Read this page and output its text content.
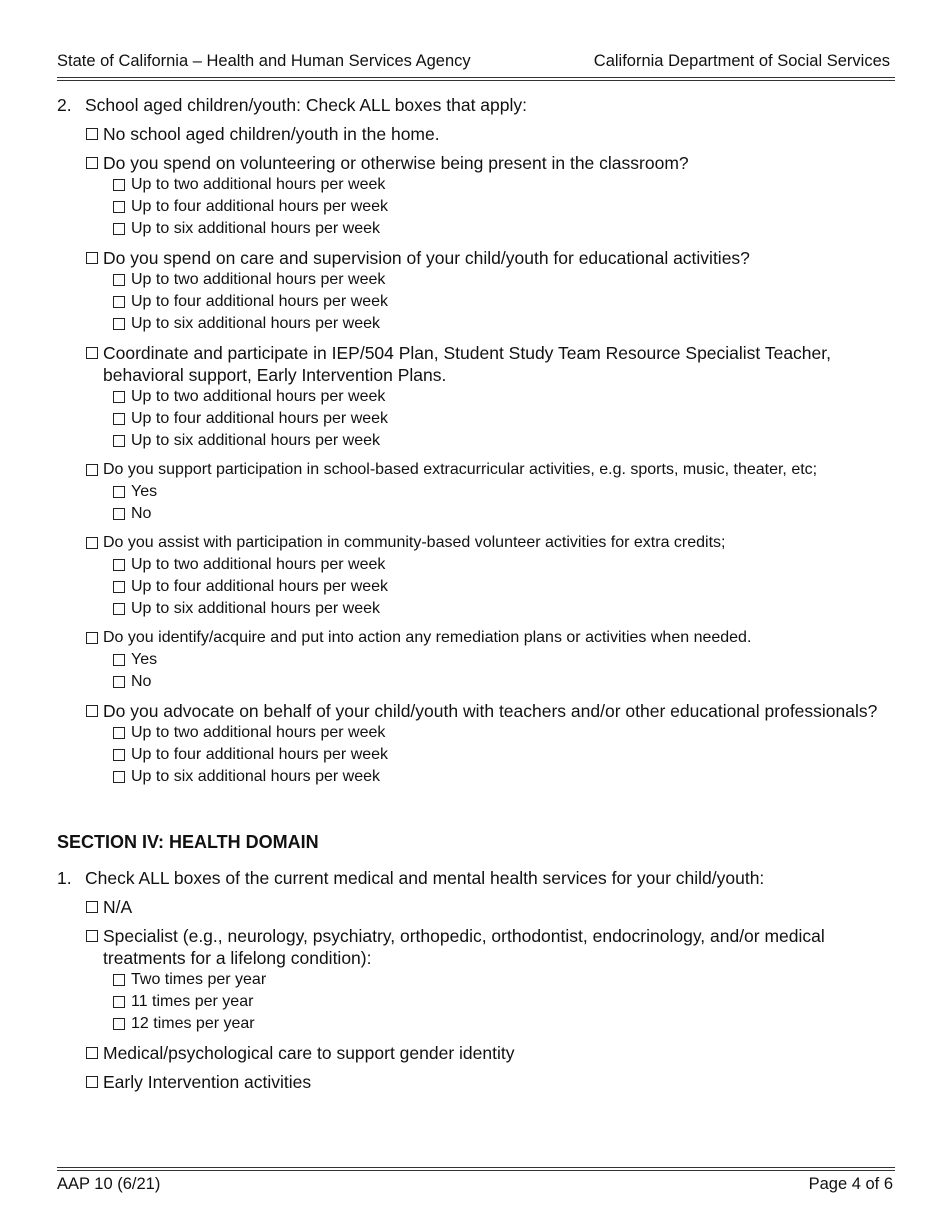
State of California – Health and Human Services Agency	California Department of Social Services
2. School aged children/youth: Check ALL boxes that apply:
No school aged children/youth in the home.
Do you spend on volunteering or otherwise being present in the classroom?
Up to two additional hours per week
Up to four additional hours per week
Up to six additional hours per week
Do you spend on care and supervision of your child/youth for educational activities?
Up to two additional hours per week
Up to four additional hours per week
Up to six additional hours per week
Coordinate and participate in IEP/504 Plan, Student Study Team Resource Specialist Teacher, behavioral support, Early Intervention Plans.
Up to two additional hours per week
Up to four additional hours per week
Up to six additional hours per week
Do you support participation in school-based extracurricular activities, e.g. sports, music, theater, etc;
Yes
No
Do you assist with participation in community-based volunteer activities for extra credits;
Up to two additional hours per week
Up to four additional hours per week
Up to six additional hours per week
Do you identify/acquire and put into action any remediation plans or activities when needed.
Yes
No
Do you advocate on behalf of your child/youth with teachers and/or other educational professionals?
Up to two additional hours per week
Up to four additional hours per week
Up to six additional hours per week
SECTION IV: HEALTH DOMAIN
1. Check ALL boxes of the current medical and mental health services for your child/youth:
N/A
Specialist (e.g., neurology, psychiatry, orthopedic, orthodontist, endocrinology, and/or medical treatments for a lifelong condition):
Two times per year
11 times per year
12 times per year
Medical/psychological care to support gender identity
Early Intervention activities
AAP 10 (6/21)	Page 4 of 6
